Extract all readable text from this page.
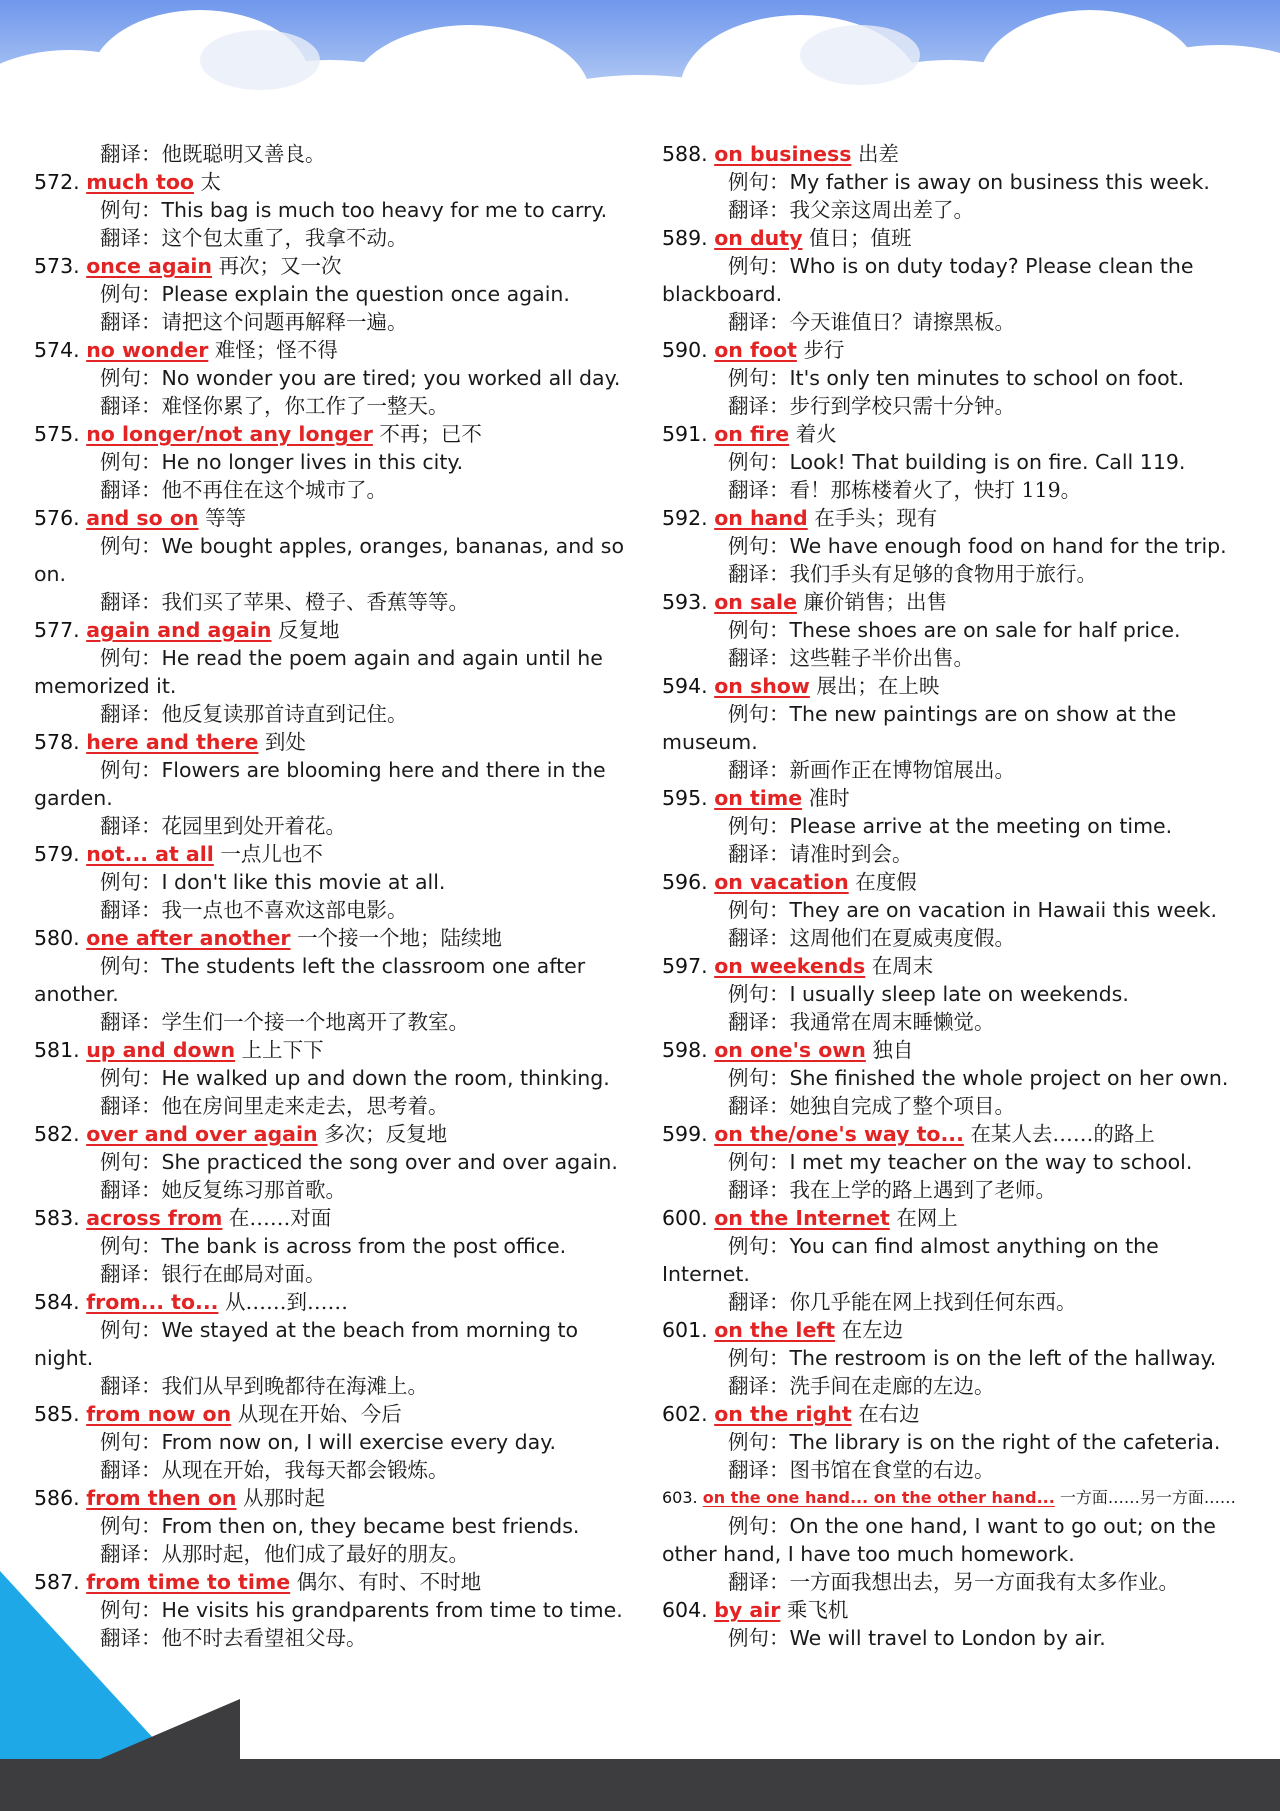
翻译：他既聪明又善良。
572. much too 太
例句：This bag is much too heavy for me to carry.
翻译：这个包太重了，我拿不动。
573. once again 再次；又一次
例句：Please explain the question once again.
翻译：请把这个问题再解释一遍。
574. no wonder 难怪；怪不得
例句：No wonder you are tired; you worked all day.
翻译：难怪你累了，你工作了一整天。
575. no longer/not any longer 不再；已不
例句：He no longer lives in this city.
翻译：他不再住在这个城市了。
576. and so on 等等
例句：We bought apples, oranges, bananas, and so on.
翻译：我们买了苹果、橙子、香蕉等等。
577. again and again 反复地
例句：He read the poem again and again until he memorized it.
翻译：他反复读那首诗直到记住。
578. here and there 到处
例句：Flowers are blooming here and there in the garden.
翻译：花园里到处开着花。
579. not... at all 一点儿也不
例句：I don't like this movie at all.
翻译：我一点也不喜欢这部电影。
580. one after another 一个接一个地；陆续地
例句：The students left the classroom one after another.
翻译：学生们一个接一个地离开了教室。
581. up and down 上上下下
例句：He walked up and down the room, thinking.
翻译：他在房间里走来走去，思考着。
582. over and over again 多次；反复地
例句：She practiced the song over and over again.
翻译：她反复练习那首歌。
583. across from 在……对面
例句：The bank is across from the post office.
翻译：银行在邮局对面。
584. from... to... 从……到……
例句：We stayed at the beach from morning to night.
翻译：我们从早到晚都待在海滩上。
585. from now on 从现在开始、今后
例句：From now on, I will exercise every day.
翻译：从现在开始，我每天都会锻炼。
586. from then on 从那时起
例句：From then on, they became best friends.
翻译：从那时起，他们成了最好的朋友。
587. from time to time 偶尔、有时、不时地
例句：He visits his grandparents from time to time.
翻译：他不时去看望祖父母。
588. on business 出差
例句：My father is away on business this week.
翻译：我父亲这周出差了。
589. on duty 值日；值班
例句：Who is on duty today? Please clean the blackboard.
翻译：今天谁值日？请擦黑板。
590. on foot 步行
例句：It's only ten minutes to school on foot.
翻译：步行到学校只需十分钟。
591. on fire 着火
例句：Look! That building is on fire. Call 119.
翻译：看！那栋楼着火了，快打 119。
592. on hand 在手头；现有
例句：We have enough food on hand for the trip.
翻译：我们手头有足够的食物用于旅行。
593. on sale 廉价销售；出售
例句：These shoes are on sale for half price.
翻译：这些鞋子半价出售。
594. on show 展出；在上映
例句：The new paintings are on show at the museum.
翻译：新画作正在博物馆展出。
595. on time 准时
例句：Please arrive at the meeting on time.
翻译：请准时到会。
596. on vacation 在度假
例句：They are on vacation in Hawaii this week.
翻译：这周他们在夏威夷度假。
597. on weekends 在周末
例句：I usually sleep late on weekends.
翻译：我通常在周末睡懒觉。
598. on one's own 独自
例句：She finished the whole project on her own.
翻译：她独自完成了整个项目。
599. on the/one's way to... 在某人去……的路上
例句：I met my teacher on the way to school.
翻译：我在上学的路上遇到了老师。
600. on the Internet 在网上
例句：You can find almost anything on the Internet.
翻译：你几乎能在网上找到任何东西。
601. on the left 在左边
例句：The restroom is on the left of the hallway.
翻译：洗手间在走廊的左边。
602. on the right 在右边
例句：The library is on the right of the cafeteria.
翻译：图书馆在食堂的右边。
603. on the one hand... on the other hand... 一方面……另一方面……
例句：On the one hand, I want to go out; on the other hand, I have too much homework.
翻译：一方面我想出去，另一方面我有太多作业。
604. by air 乘飞机
例句：We will travel to London by air.
